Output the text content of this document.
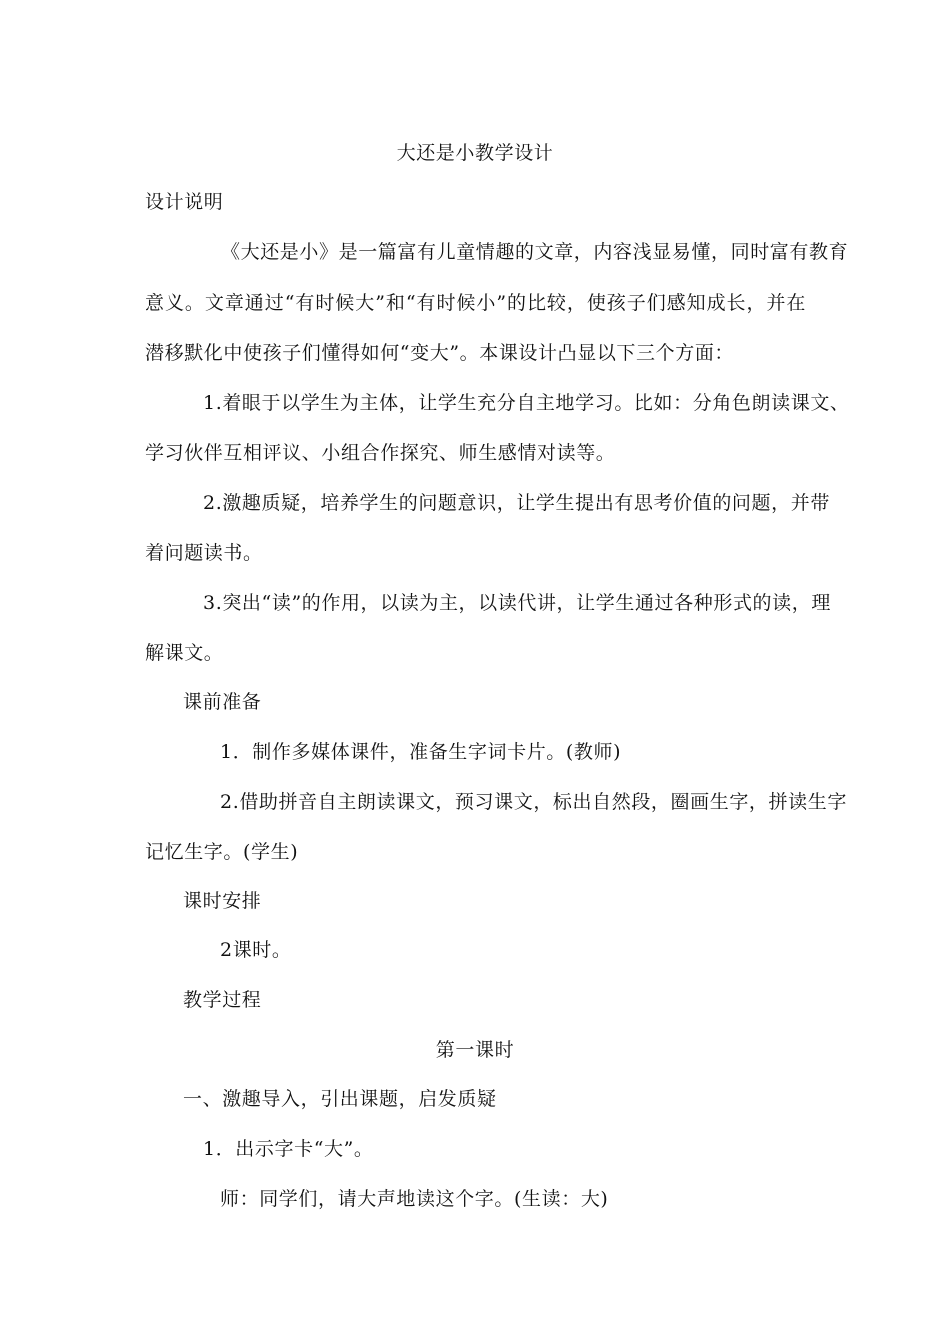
大还是小教学设计
设计说明
《大还是小》是一篇富有儿童情趣的文章，内容浅显易懂，同时富有教育
意义。文章通过“有时候大”和“有时候小”的比较，使孩子们感知成长，并在
潜移默化中使孩子们懂得如何“变大”。本课设计凸显以下三个方面：
1.着眼于以学生为主体，让学生充分自主地学习。比如：分角色朗读课文、
学习伙伴互相评议、小组合作探究、师生感情对读等。
2.激趣质疑，培养学生的问题意识，让学生提出有思考价值的问题，并带
着问题读书。
3.突出“读”的作用，以读为主，以读代讲，让学生通过各种形式的读，理
解课文。
课前准备
1．制作多媒体课件，准备生字词卡片。(教师)
2.借助拼音自主朗读课文，预习课文，标出自然段，圈画生字，拼读生字
记忆生字。(学生)
课时安排
2课时。
教学过程
第一课时
一、激趣导入，引出课题，启发质疑
1．出示字卡“大”。
师：同学们，请大声地读这个字。(生读：大)
